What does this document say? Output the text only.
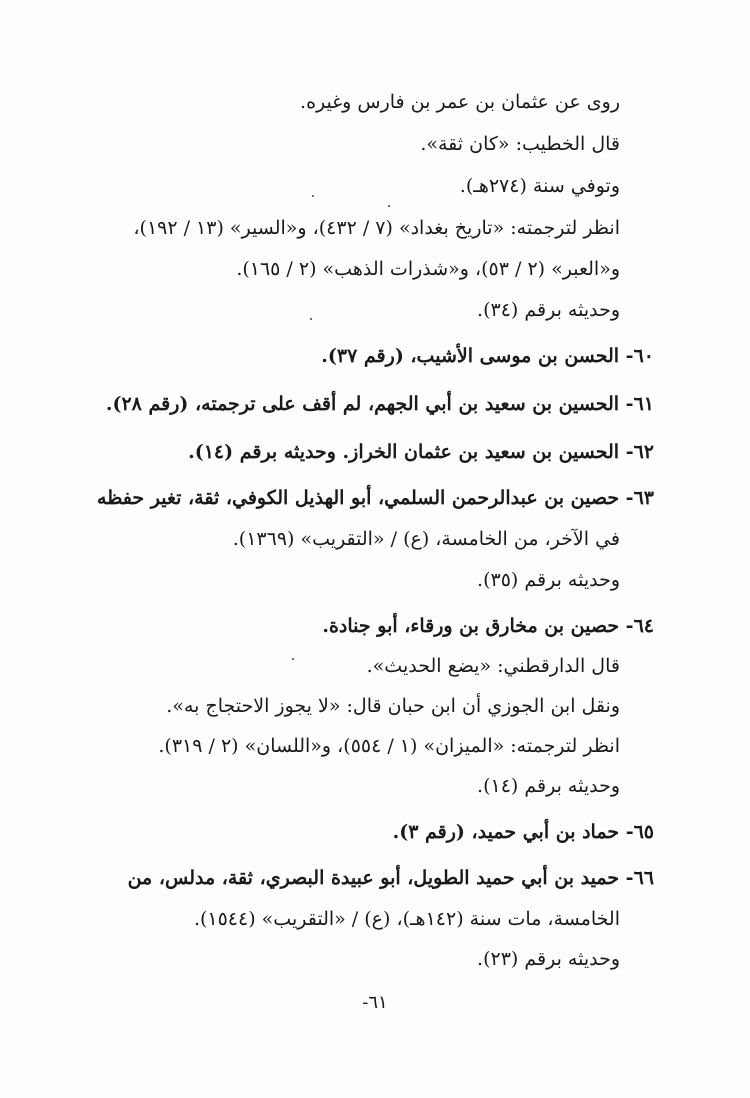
روى عن عثمان بن عمر بن فارس وغيره.
قال الخطيب: «كان ثقة».
وتوفي سنة (٢٧٤هـ).
انظر لترجمته: «تاريخ بغداد» (٧ / ٤٣٢)، و«السير» (١٣ / ١٩٢)،
و«العبر» (٢ / ٥٣)، و«شذرات الذهب» (٢ / ١٦٥).
وحديثه برقم (٣٤).
٦٠- الحسن بن موسى الأشيب، (رقم ٣٧).
٦١- الحسين بن سعيد بن أبي الجهم، لم أقف على ترجمته، (رقم ٢٨).
٦٢- الحسين بن سعيد بن عثمان الخراز. وحديثه برقم (١٤).
٦٣- حصين بن عبدالرحمن السلمي، أبو الهذيل الكوفي، ثقة، تغير حفظه
في الآخر، من الخامسة، (ع) / «التقريب» (١٣٦٩).
وحديثه برقم (٣٥).
٦٤- حصين بن مخارق بن ورقاء، أبو جنادة.
قال الدارقطني: «يضع الحديث».
ونقل ابن الجوزي أن ابن حبان قال: «لا يجوز الاحتجاج به».
انظر لترجمته: «الميزان» (١ / ٥٥٤)، و«اللسان» (٢ / ٣١٩).
وحديثه برقم (١٤).
٦٥- حماد بن أبي حميد، (رقم ٣).
٦٦- حميد بن أبي حميد الطويل، أبو عبيدة البصري، ثقة، مدلس، من
الخامسة، مات سنة (١٤٢هـ)، (ع) / «التقريب» (١٥٤٤).
وحديثه برقم (٢٣).
-٦١
